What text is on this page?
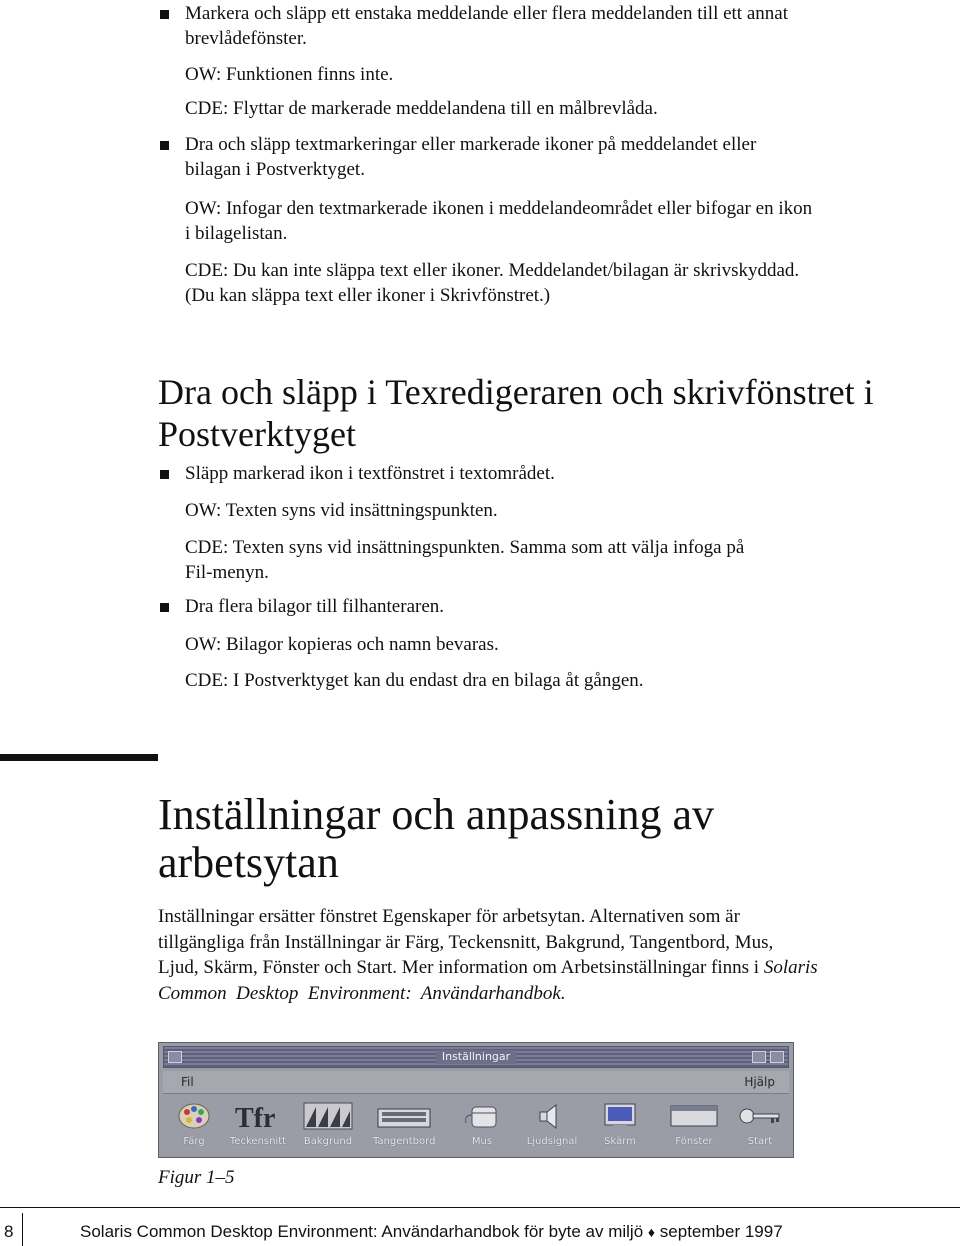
Markera och släpp ett enstaka meddelande eller flera meddelanden till ett annat
brevlådefönster.
OW: Funktionen finns inte.
CDE: Flyttar de markerade meddelandena till en målbrevlåda.
Dra och släpp textmarkeringar eller markerade ikoner på meddelandet eller
bilagan i Postverktyget.
OW: Infogar den textmarkerade ikonen i meddelandeområdet eller bifogar en ikon
i bilagelistan.
CDE: Du kan inte släppa text eller ikoner. Meddelandet/bilagan är skrivskyddad.
(Du kan släppa text eller ikoner i Skrivfönstret.)
Dra och släpp i Texredigeraren och skrivfönstret i
Postverktyget
Släpp markerad ikon i textfönstret i textområdet.
OW: Texten syns vid insättningspunkten.
CDE: Texten syns vid insättningspunkten. Samma som att välja infoga på
Fil-menyn.
Dra flera bilagor till filhanteraren.
OW: Bilagor kopieras och namn bevaras.
CDE: I Postverktyget kan du endast dra en bilaga åt gången.
Inställningar och anpassning av
arbetsytan
Inställningar ersätter fönstret Egenskaper för arbetsytan. Alternativen som är
tillgängliga från Inställningar är Färg, Teckensnitt, Bakgrund, Tangentbord, Mus,
Ljud, Skärm, Fönster och Start. Mer information om Arbetsinställningar finns i Solaris
Common  Desktop  Environment:  Användarhandbok.
Inställningar
Fil	Hjälp
Färg
Tfr
Teckensnitt	Bakgrund	Tangentbord	Mus	Ljudsignal	Skärm	Fönster	Start
Figur 1–5
8	Solaris Common Desktop Environment: Användarhandbok för byte av miljö ♦ september 1997
